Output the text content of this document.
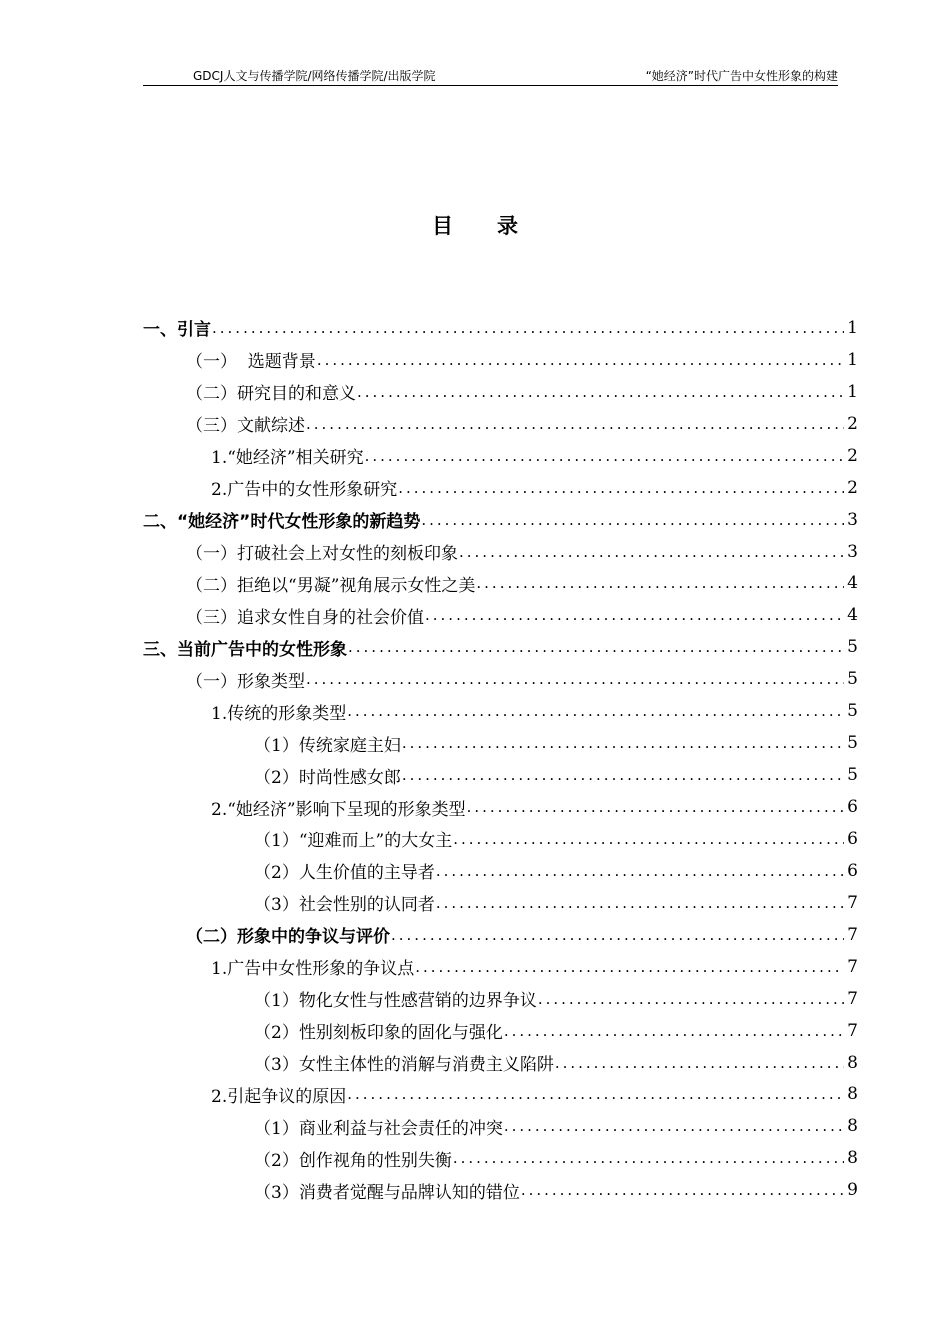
GDCJ人文与传播学院/网络传播学院/出版学院	“她经济”时代广告中女性形象的构建
目录
一、引言 .....	1
（一）  选题背景 .....	1
（二）研究目的和意义 .....	1
（三）文献综述 .....	2
1.“她经济”相关研究 .....	2
2.广告中的女性形象研究 .....	2
二、“她经济”时代女性形象的新趋势 .....	3
（一）打破社会上对女性的刻板印象 .....	3
（二）拒绝以“男凝”视角展示女性之美 .....	4
（三）追求女性自身的社会价值 .....	4
三、当前广告中的女性形象 .....	5
（一）形象类型 .....	5
1.传统的形象类型 .....	5
（1）传统家庭主妇 .....	5
（2）时尚性感女郎 .....	5
2.“她经济”影响下呈现的形象类型 .....	6
（1）“迎难而上”的大女主 .....	6
（2）人生价值的主导者 .....	6
（3）社会性别的认同者 .....	7
（二）形象中的争议与评价 .....	7
1.广告中女性形象的争议点 .....	7
（1）物化女性与性感营销的边界争议 .....	7
（2）性别刻板印象的固化与强化 .....	7
（3）女性主体性的消解与消费主义陷阱 .....	8
2.引起争议的原因 .....	8
（1）商业利益与社会责任的冲突 .....	8
（2）创作视角的性别失衡 .....	8
（3）消费者觉醒与品牌认知的错位 .....	9
